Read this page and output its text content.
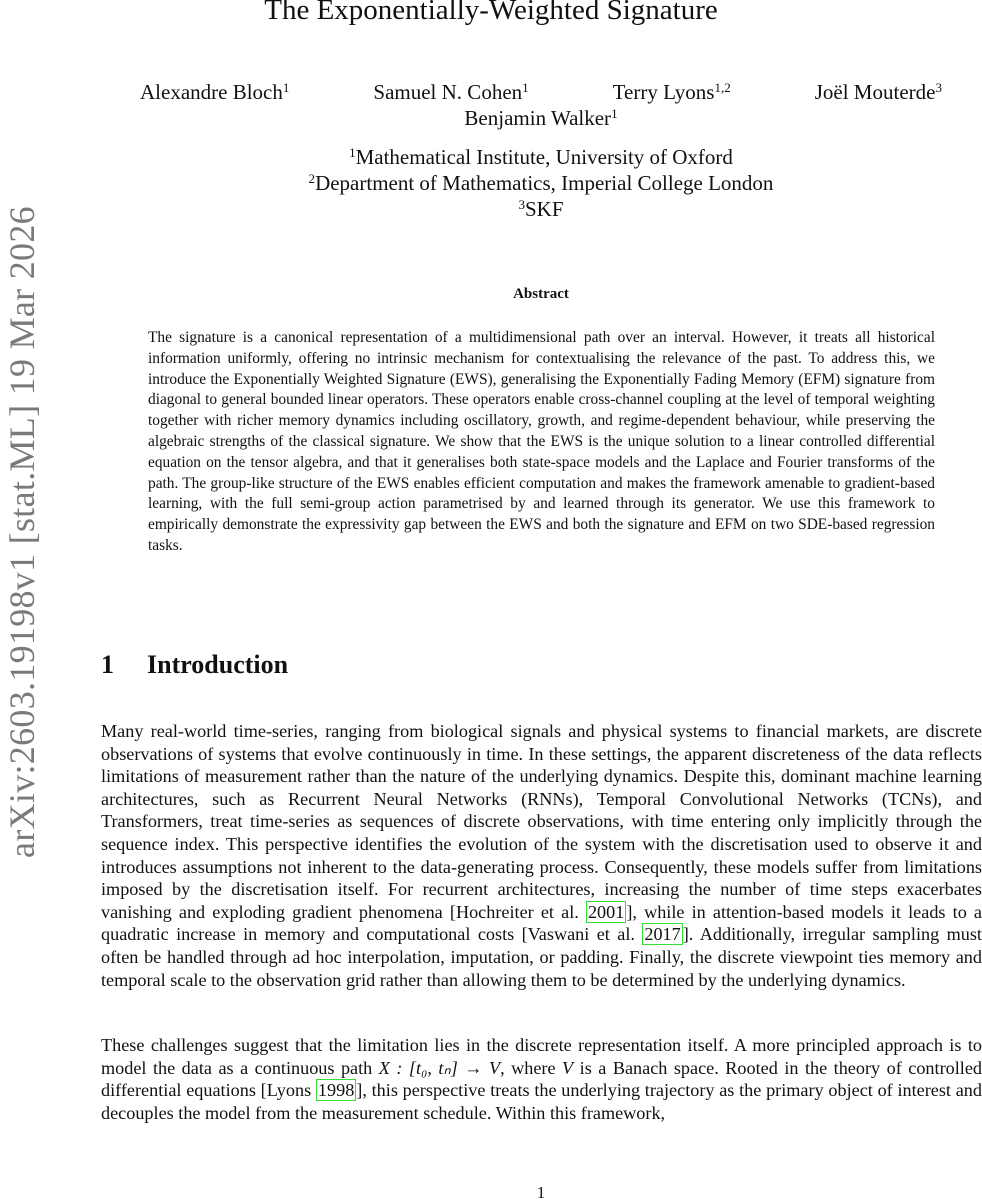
arXiv:2603.19198v1 [stat.ML] 19 Mar 2026
The Exponentially-Weighted Signature
Alexandre Bloch$^1$	Samuel N. Cohen$^1$	Terry Lyons$^{1,2}$	Joël Mouterde$^3$
Benjamin Walker$^1$
$^1$Mathematical Institute, University of Oxford
$^2$Department of Mathematics, Imperial College London
$^3$SKF
Abstract

The signature is a canonical representation of a multidimensional path over an interval. However, it treats all historical information uniformly, offering no intrinsic mechanism for contextualising the relevance of the past. To address this, we introduce the Exponentially Weighted Signature (EWS), generalising the Exponentially Fading Memory (EFM) signature from diagonal to general bounded linear operators. These operators enable cross-channel coupling at the level of temporal weighting together with richer memory dynamics including oscillatory, growth, and regime-dependent behaviour, while preserving the algebraic strengths of the classical signature. We show that the EWS is the unique solution to a linear controlled differential equation on the tensor algebra, and that it generalises both state-space models and the Laplace and Fourier transforms of the path. The group-like structure of the EWS enables efficient computation and makes the framework amenable to gradient-based learning, with the full semi-group action parametrised by and learned through its generator. We use this framework to empirically demonstrate the expressivity gap between the EWS and both the signature and EFM on two SDE-based regression tasks.

1 Introduction

Many real-world time-series, ranging from biological signals and physical systems to financial markets, are discrete observations of systems that evolve continuously in time. In these settings, the apparent discreteness of the data reflects limitations of measurement rather than the nature of the underlying dynamics. Despite this, dominant machine learning architectures, such as Recurrent Neural Networks (RNNs), Temporal Convolutional Networks (TCNs), and Transformers, treat time-series as sequences of discrete observations, with time entering only implicitly through the sequence index. This perspective identifies the evolution of the system with the discretisation used to observe it and introduces assumptions not inherent to the data-generating process. Consequently, these models suffer from limitations imposed by the discretisation itself. For recurrent architectures, increasing the number of time steps exacerbates vanishing and exploding gradient phenomena [Hochreiter et al. 2001 ], while in attention-based models it leads to a quadratic increase in memory and computational costs [Vaswani et al. 2017 ]. Additionally, irregular sampling must often be handled through ad hoc interpolation, imputation, or padding. Finally, the discrete viewpoint ties memory and temporal scale to the observation grid rather than allowing them to be determined by the underlying dynamics.

These challenges suggest that the limitation lies in the discrete representation itself. A more principled approach is to model the data as a continuous path X : [t₀, tₙ] → V, where V is a Banach space. Rooted in the theory of controlled differential equations [Lyons 1998 ], this perspective treats the underlying trajectory as the primary object of interest and decouples the model from the measurement schedule. Within this framework,

1
